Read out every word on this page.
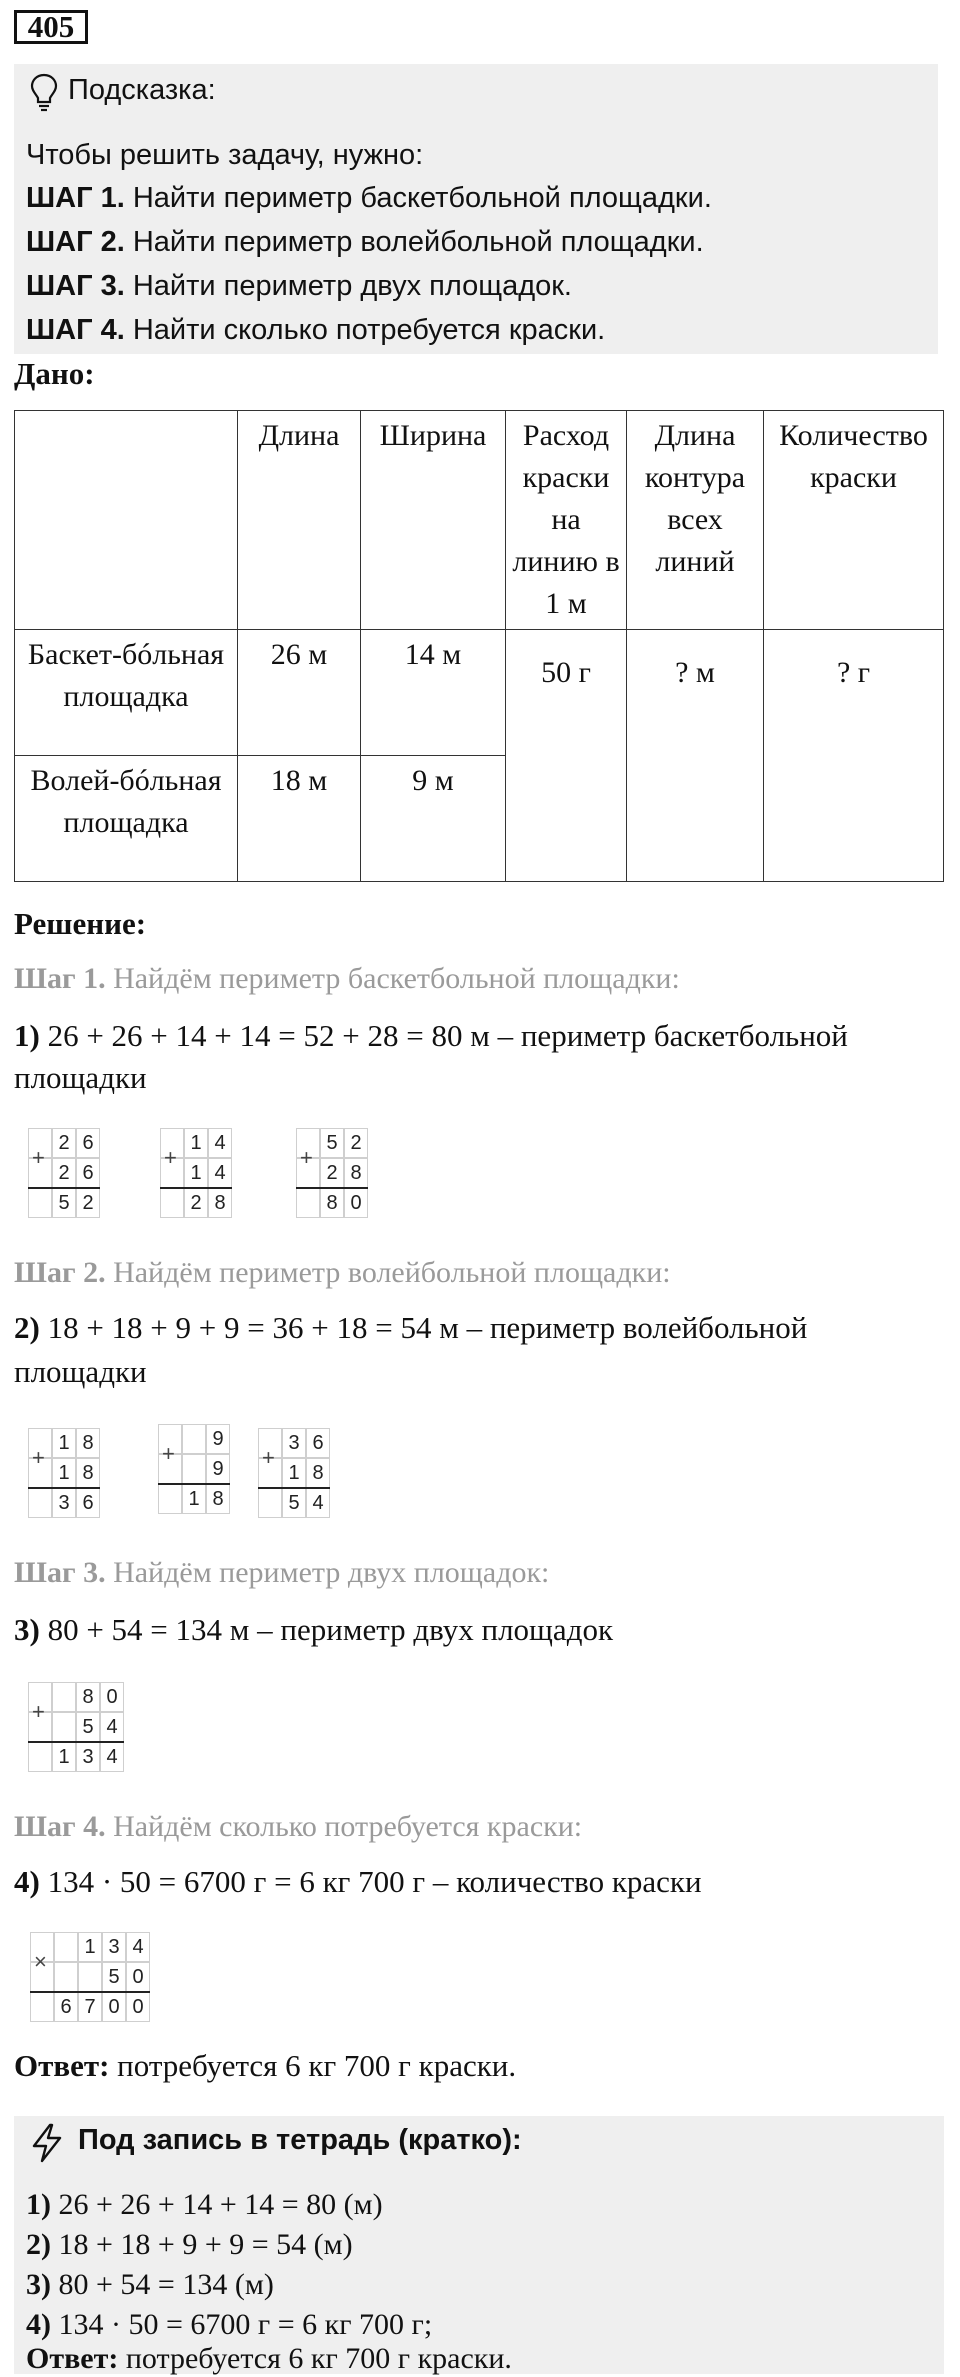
405
Подсказка:
Чтобы решить задачу, нужно:
ШАГ 1. Найти периметр баскетбольной площадки.
ШАГ 2. Найти периметр волейбольной площадки.
ШАГ 3. Найти периметр двух площадок.
ШАГ 4. Найти сколько потребуется краски.
Дано:
	Длина	Ширина	Расход краски на линию в 1 м	Длина контура всех линий	Количество краски
Баскет-бóльная площадка	26 м	14 м	50 г	? м	? г
Волей-бóльная площадка	18 м	9 м			
Решение:
Шаг 1. Найдём периметр баскетбольной площадки:
1) 26 + 26 + 14 + 14 = 52 + 28 = 80 м – периметр баскетбольной
площадки
Шаг 2. Найдём периметр волейбольной площадки:
2) 18 + 18 + 9 + 9 = 36 + 18 = 54 м – периметр волейбольной
площадки
Шаг 3. Найдём периметр двух площадок:
3) 80 + 54 = 134 м – периметр двух площадок
Шаг 4. Найдём сколько потребуется краски:
4) 134 · 50 = 6700 г = 6 кг 700 г – количество краски
2 6
2 6
5 2
+
1 4
1 4
2 8
+
5 2
2 8
8 0
+
1 8
1 8
3 6
+
9
9
1 8
+	3 6
1 8
5 4
+
8 0
5 4
1 3 4
+
1 3 4
5 0
6 7 0 0
×
Ответ: потребуется 6 кг 700 г краски.
Под запись в тетрадь (кратко):
1) 26 + 26 + 14 + 14 = 80 (м)
2) 18 + 18 + 9 + 9 = 54 (м)
3) 80 + 54 = 134 (м)
4) 134 · 50 = 6700 г = 6 кг 700 г;
Ответ: потребуется 6 кг 700 г краски.
